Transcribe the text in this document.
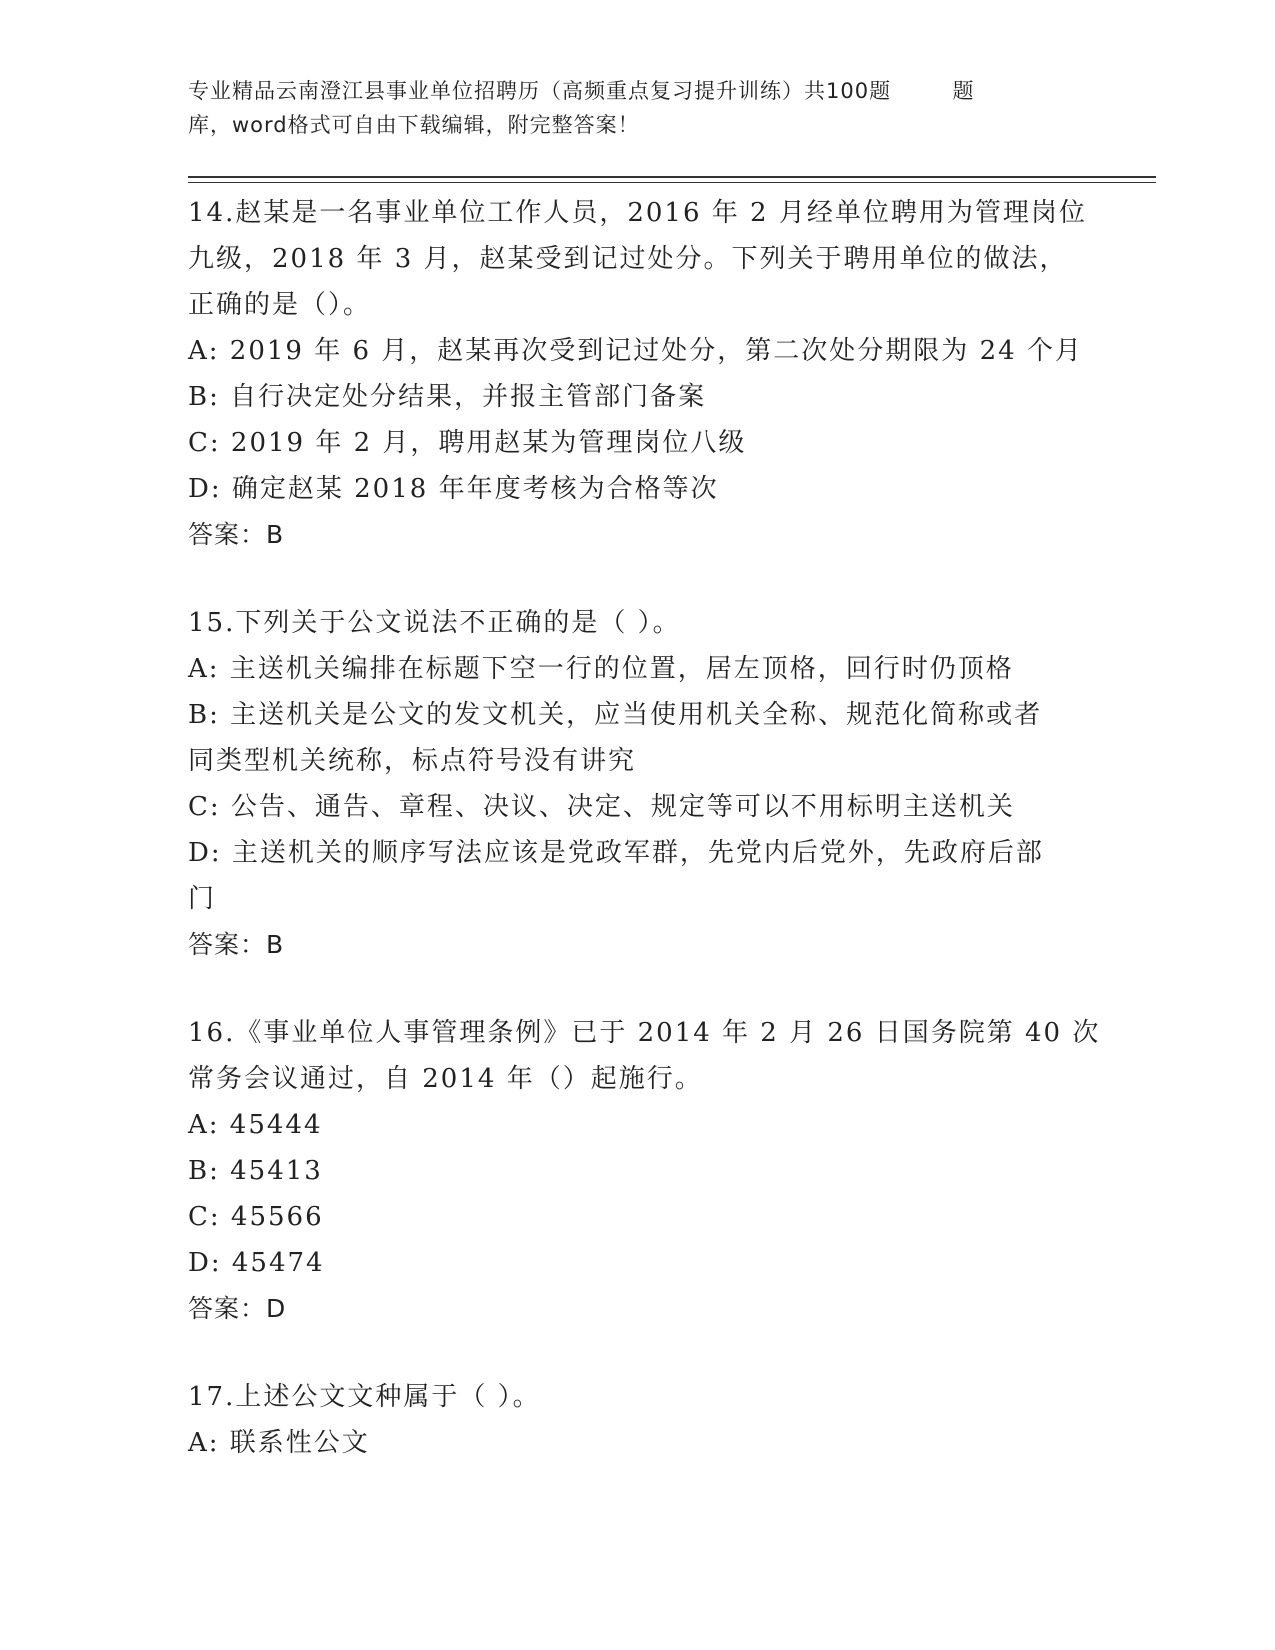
专业精品云南澄江县事业单位招聘历（高频重点复习提升训练）共100题        题
库，word格式可自由下载编辑，附完整答案！
14.赵某是一名事业单位工作人员，2016 年 2 月经单位聘用为管理岗位
九级，2018 年 3 月，赵某受到记过处分。下列关于聘用单位的做法，
正确的是（）。
A: 2019 年 6 月，赵某再次受到记过处分，第二次处分期限为 24 个月
B: 自行决定处分结果，并报主管部门备案
C: 2019 年 2 月，聘用赵某为管理岗位八级
D: 确定赵某 2018 年年度考核为合格等次
答案：B
15.下列关于公文说法不正确的是（ ）。
A: 主送机关编排在标题下空一行的位置，居左顶格，回行时仍顶格
B: 主送机关是公文的发文机关，应当使用机关全称、规范化简称或者
同类型机关统称，标点符号没有讲究
C: 公告、通告、章程、决议、决定、规定等可以不用标明主送机关
D: 主送机关的顺序写法应该是党政军群，先党内后党外，先政府后部
门
答案：B
16.《事业单位人事管理条例》已于 2014 年 2 月 26 日国务院第 40 次
常务会议通过，自 2014 年（）起施行。
A: 45444
B: 45413
C: 45566
D: 45474
答案：D
17.上述公文文种属于（ ）。
A: 联系性公文
